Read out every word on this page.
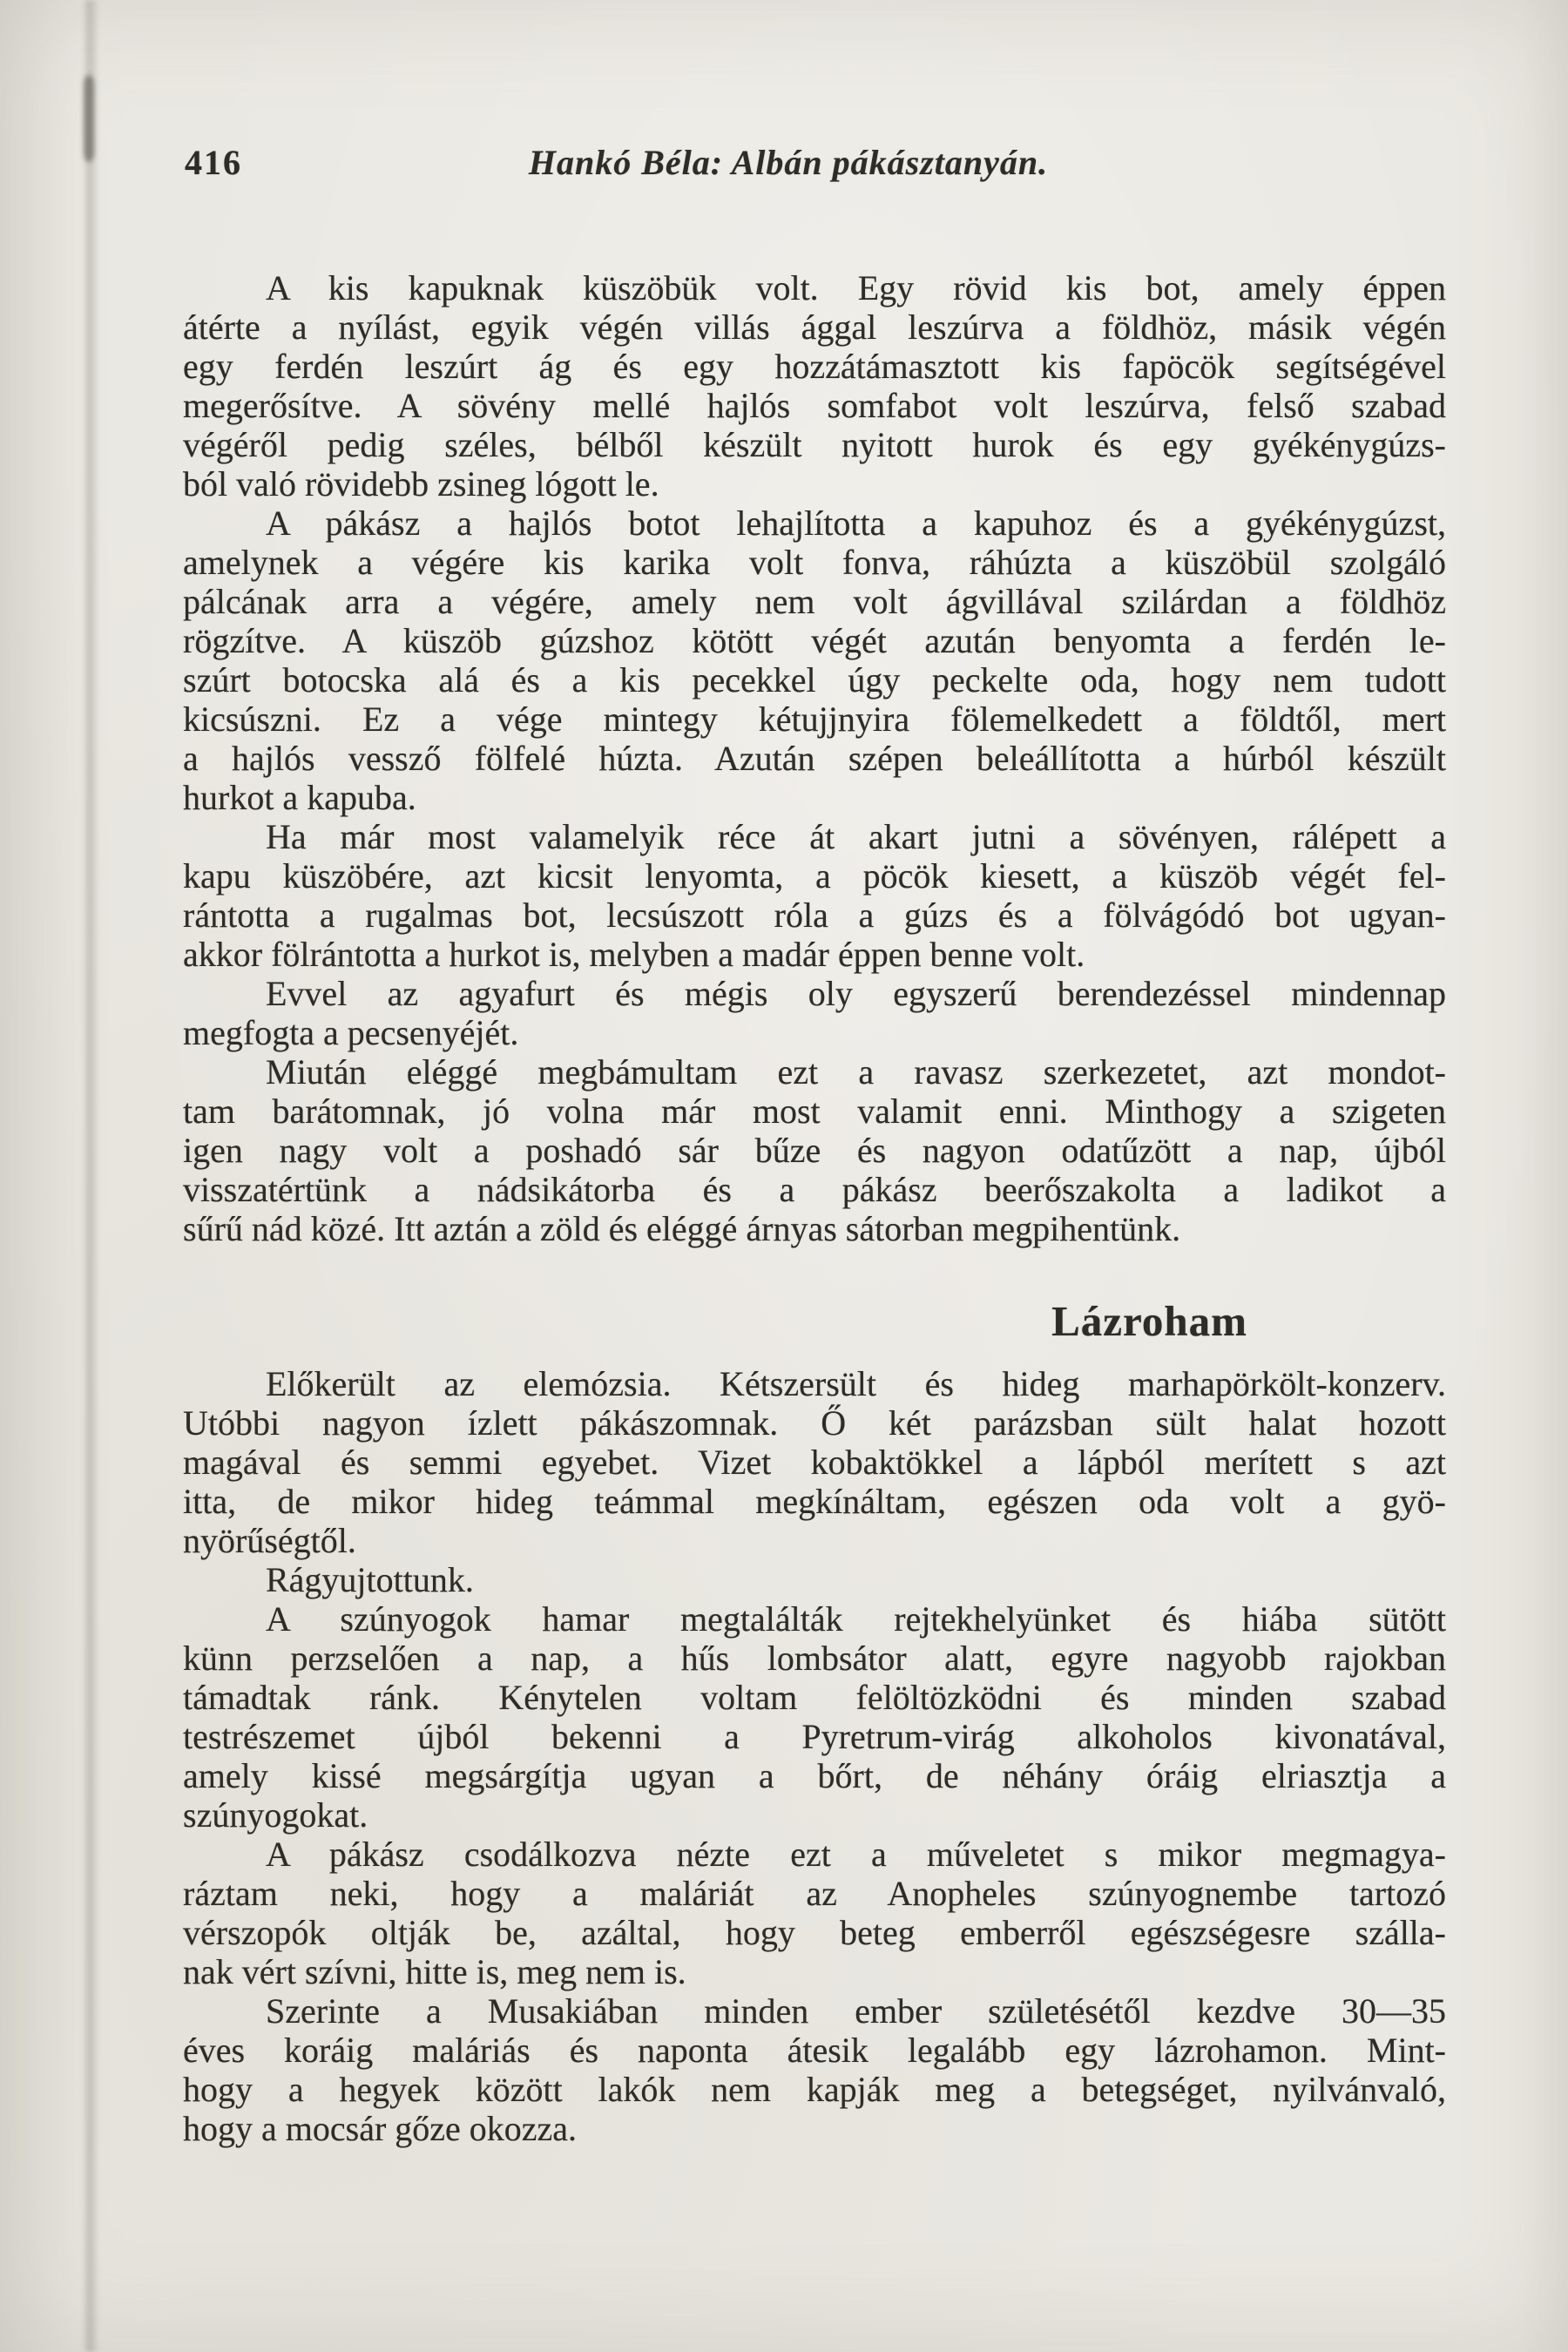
416	Hankó Béla: Albán pákásztanyán.
A kis kapuknak küszöbük volt. Egy rövid kis bot, amely éppen
átérte a nyílást, egyik végén villás ággal leszúrva a földhöz, másik végén
egy ferdén leszúrt ág és egy hozzátámasztott kis fapöcök segítségével
megerősítve. A sövény mellé hajlós somfabot volt leszúrva, felső szabad
végéről pedig széles, bélből készült nyitott hurok és egy gyékénygúzs-
ból való rövidebb zsineg lógott le.
A pákász a hajlós botot lehajlította a kapuhoz és a gyékénygúzst,
amelynek a végére kis karika volt fonva, ráhúzta a küszöbül szolgáló
pálcának arra a végére, amely nem volt ágvillával szilárdan a földhöz
rögzítve. A küszöb gúzshoz kötött végét azután benyomta a ferdén le-
szúrt botocska alá és a kis pecekkel úgy peckelte oda, hogy nem tudott
kicsúszni. Ez a vége mintegy kétujjnyira fölemelkedett a földtől, mert
a hajlós vessző fölfelé húzta. Azután szépen beleállította a húrból készült
hurkot a kapuba.
Ha már most valamelyik réce át akart jutni a sövényen, rálépett a
kapu küszöbére, azt kicsit lenyomta, a pöcök kiesett, a küszöb végét fel-
rántotta a rugalmas bot, lecsúszott róla a gúzs és a fölvágódó bot ugyan-
akkor fölrántotta a hurkot is, melyben a madár éppen benne volt.
Evvel az agyafurt és mégis oly egyszerű berendezéssel mindennap
megfogta a pecsenyéjét.
Miután eléggé megbámultam ezt a ravasz szerkezetet, azt mondot-
tam barátomnak, jó volna már most valamit enni. Minthogy a szigeten
igen nagy volt a poshadó sár bűze és nagyon odatűzött a nap, újból
visszatértünk a nádsikátorba és a pákász beerőszakolta a ladikot a
sűrű nád közé. Itt aztán a zöld és eléggé árnyas sátorban megpihentünk.
Lázroham
Előkerült az elemózsia. Kétszersült és hideg marhapörkölt-konzerv.
Utóbbi nagyon ízlett pákászomnak. Ő két parázsban sült halat hozott
magával és semmi egyebet. Vizet kobaktökkel a lápból merített s azt
itta, de mikor hideg teámmal megkínáltam, egészen oda volt a gyö-
nyörűségtől.
Rágyujtottunk.
A szúnyogok hamar megtalálták rejtekhelyünket és hiába sütött
künn perzselően a nap, a hűs lombsátor alatt, egyre nagyobb rajokban
támadtak ránk. Kénytelen voltam felöltözködni és minden szabad
testrészemet újból bekenni a Pyretrum-virág alkoholos kivonatával,
amely kissé megsárgítja ugyan a bőrt, de néhány óráig elriasztja a
szúnyogokat.
A pákász csodálkozva nézte ezt a műveletet s mikor megmagya-
ráztam neki, hogy a maláriát az Anopheles szúnyognembe tartozó
vérszopók oltják be, azáltal, hogy beteg emberről egészségesre szálla-
nak vért szívni, hitte is, meg nem is.
Szerinte a Musakiában minden ember születésétől kezdve 30—35
éves koráig maláriás és naponta átesik legalább egy lázrohamon. Mint-
hogy a hegyek között lakók nem kapják meg a betegséget, nyilvánvaló,
hogy a mocsár gőze okozza.
